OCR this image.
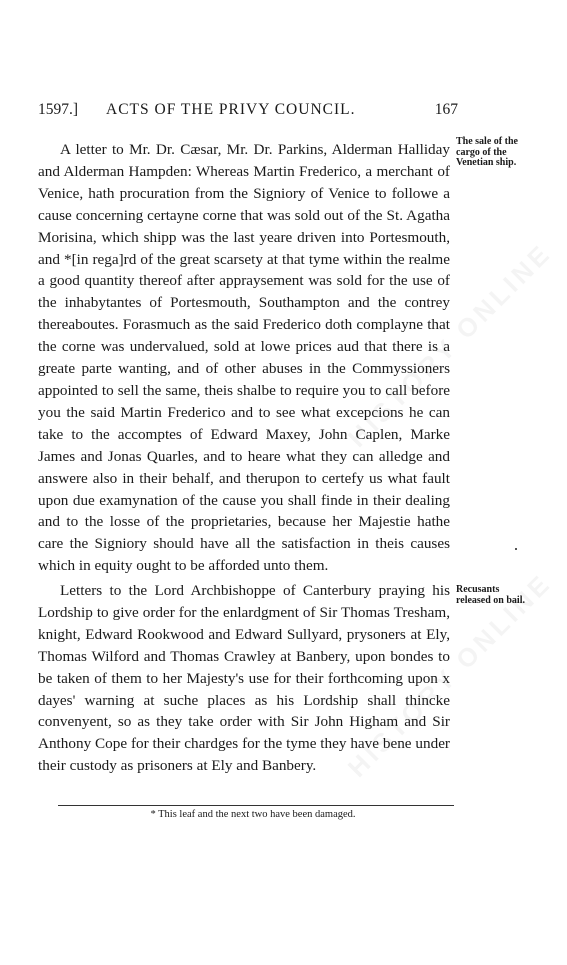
1597.] ACTS OF THE PRIVY COUNCIL.	167

A letter to Mr. Dr. Cæsar, Mr. Dr. Parkins, Alderman Halliday and Alderman Hampden: Whereas Martin Frederico, a merchant of Venice, hath procuration from the Signiory of Venice to followe a cause concerning certayne corne that was sold out of the St. Agatha Morisina, which shipp was the last yeare driven into Portesmouth, and *[in rega]rd of the great scarsety at that tyme within the realme a good quantity thereof after appraysement was sold for the use of the inhabytantes of Portesmouth, Southampton and the contrey thereaboutes. Forasmuch as the said Frederico doth complayne that the corne was undervalued, sold at lowe prices aud that there is a greate parte wanting, and of other abuses in the Commyssioners appointed to sell the same, theis shalbe to require you to call before you the said Martin Frederico and to see what excepcions he can take to the accomptes of Edward Maxey, John Caplen, Marke James and Jonas Quarles, and to heare what they can alledge and answere also in their behalf, and therupon to certefy us what fault upon due examynation of the cause you shall finde in their dealing and to the losse of the proprietaries, because her Majestie hathe care the Signiory should have all the satisfaction in theis causes which in equity ought to be afforded unto them.

The sale of the cargo of the Venetian ship.

Letters to the Lord Archbishoppe of Canterbury praying his Lordship to give order for the enlardgment of Sir Thomas Tresham, knight, Edward Rookwood and Edward Sullyard, prysoners at Ely, Thomas Wilford and Thomas Crawley at Banbery, upon bondes to be taken of them to her Majesty's use for their forthcoming upon x dayes' warning at suche places as his Lordship shall thincke convenyent, so as they take order with Sir John Higham and Sir Anthony Cope for their chardges for the tyme they have bene under their custody as prisoners at Ely and Banbery.

Recusants released on bail.
* This leaf and the next two have been damaged.
